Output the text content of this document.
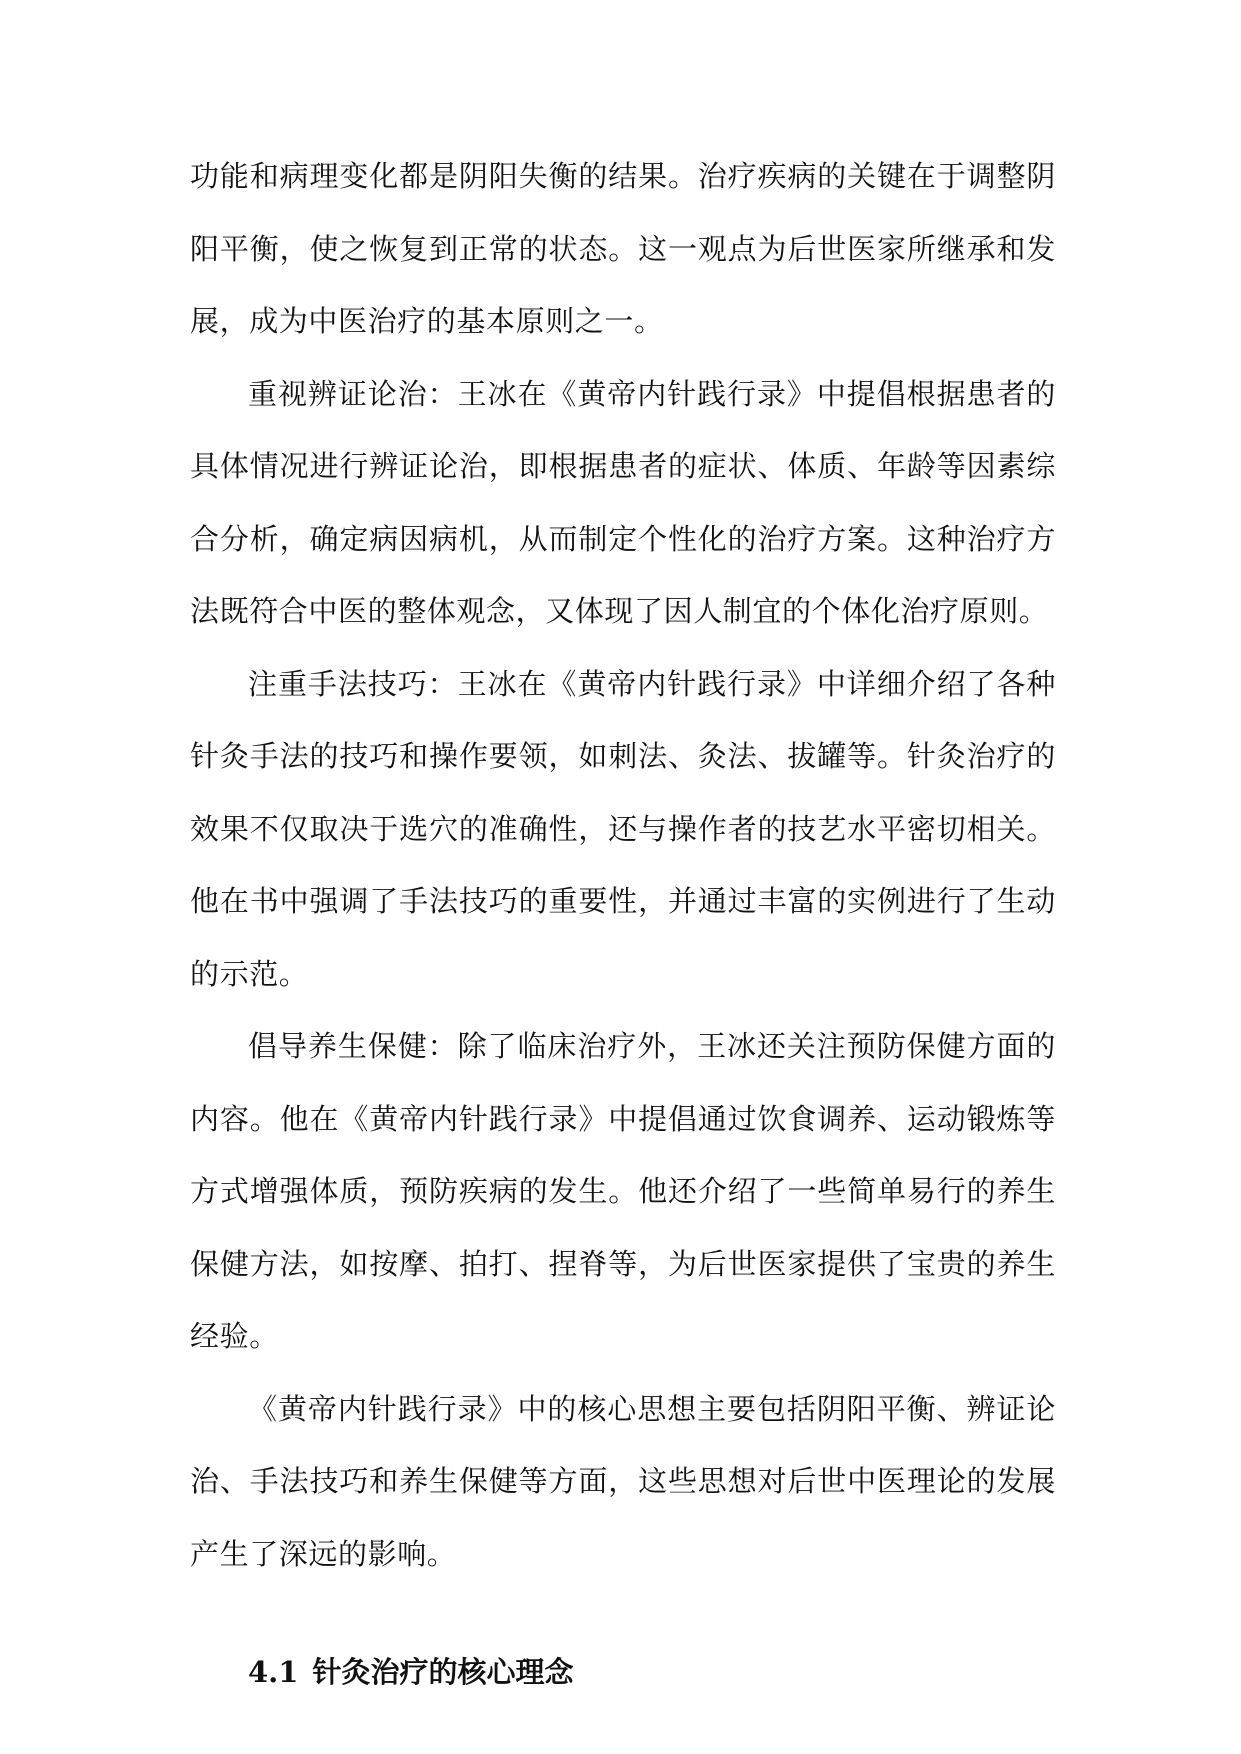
功能和病理变化都是阴阳失衡的结果。治疗疾病的关键在于调整阴阳平衡，使之恢复到正常的状态。这一观点为后世医家所继承和发展，成为中医治疗的基本原则之一。

重视辨证论治：王冰在《黄帝内针践行录》中提倡根据患者的具体情况进行辨证论治，即根据患者的症状、体质、年龄等因素综合分析，确定病因病机，从而制定个性化的治疗方案。这种治疗方法既符合中医的整体观念，又体现了因人制宜的个体化治疗原则。

注重手法技巧：王冰在《黄帝内针践行录》中详细介绍了各种针灸手法的技巧和操作要领，如刺法、灸法、拔罐等。针灸治疗的效果不仅取决于选穴的准确性，还与操作者的技艺水平密切相关。他在书中强调了手法技巧的重要性，并通过丰富的实例进行了生动的示范。

倡导养生保健：除了临床治疗外，王冰还关注预防保健方面的内容。他在《黄帝内针践行录》中提倡通过饮食调养、运动锻炼等方式增强体质，预防疾病的发生。他还介绍了一些简单易行的养生保健方法，如按摩、拍打、捏脊等，为后世医家提供了宝贵的养生经验。

《黄帝内针践行录》中的核心思想主要包括阴阳平衡、辨证论治、手法技巧和养生保健等方面，这些思想对后世中医理论的发展产生了深远的影响。

4.1 针灸治疗的核心理念
